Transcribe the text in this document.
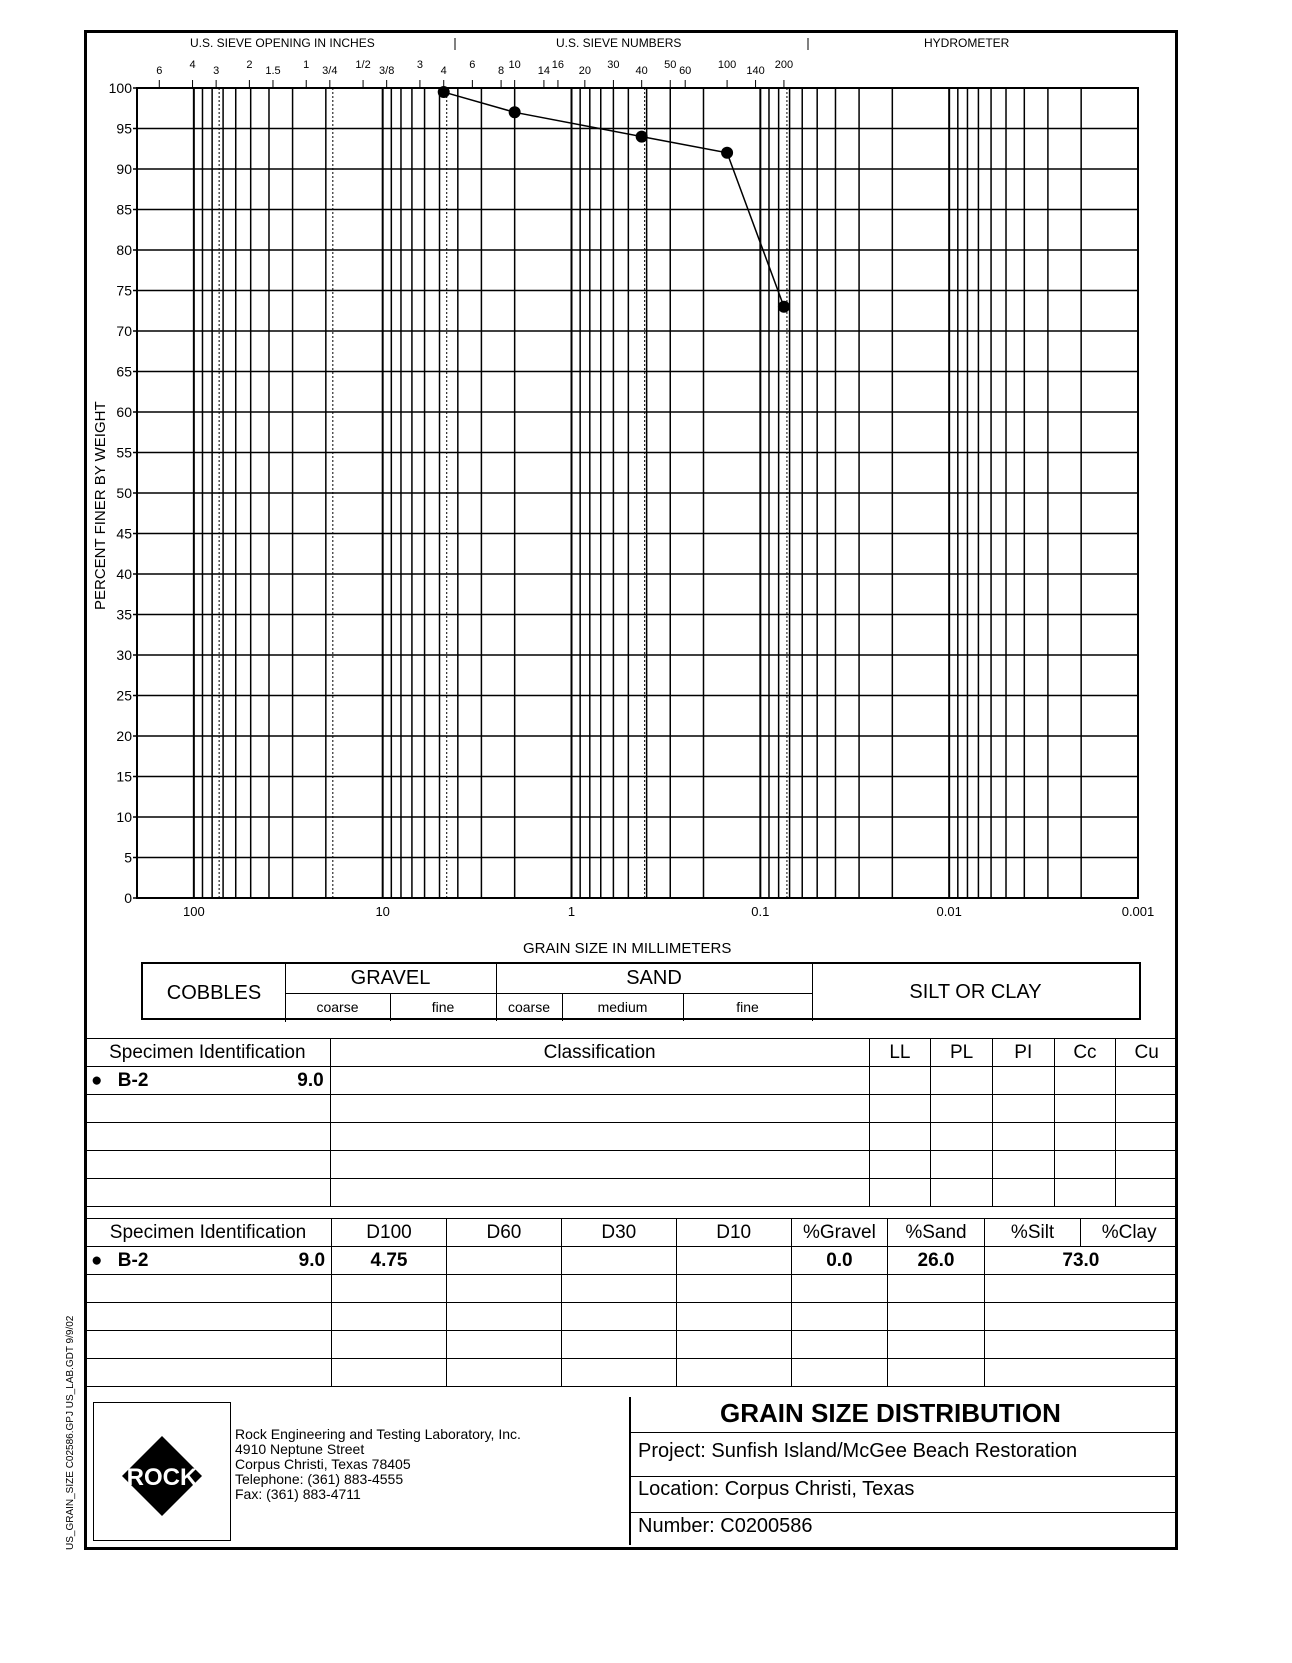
US_GRAIN_SIZE C02586.GPJ US_LAB.GDT 9/9/02
U.S. SIEVE OPENING IN INCHES	U.S. SIEVE NUMBERS	HYDROMETER
0
5
10
15
20
25
30
35
40
45
50
55
60
65
70
75
80
85
90
95
100
100	10	1	0.1	0.01	0.001
6 4 3 2 1.5 1 3/4 1/2 3/8 3 4 6 8 10 14 16 20 30 40 50 60 100 140 200
GRAIN SIZE IN MILLIMETERS
PERCENT FINER BY WEIGHT
COBBLES
GRAVEL
coarse	fine
SAND
coarse	medium	fine
SILT OR CLAY
Specimen Identification	Classification	LL	PL	PI	Cc	Cu
● B-2 9.0						

Specimen Identification	D100	D60	D30	D10	%Gravel	%Sand	%Silt	%Clay
● B-2 9.0	4.75				0.0	26.0	73.0	

ROCK
Rock Engineering and Testing Laboratory, Inc.
4910 Neptune Street
Corpus Christi, Texas 78405
Telephone: (361) 883-4555
Fax: (361) 883-4711
GRAIN SIZE DISTRIBUTION
Project: Sunfish Island/McGee Beach Restoration
Location: Corpus Christi, Texas
Number: C0200586
